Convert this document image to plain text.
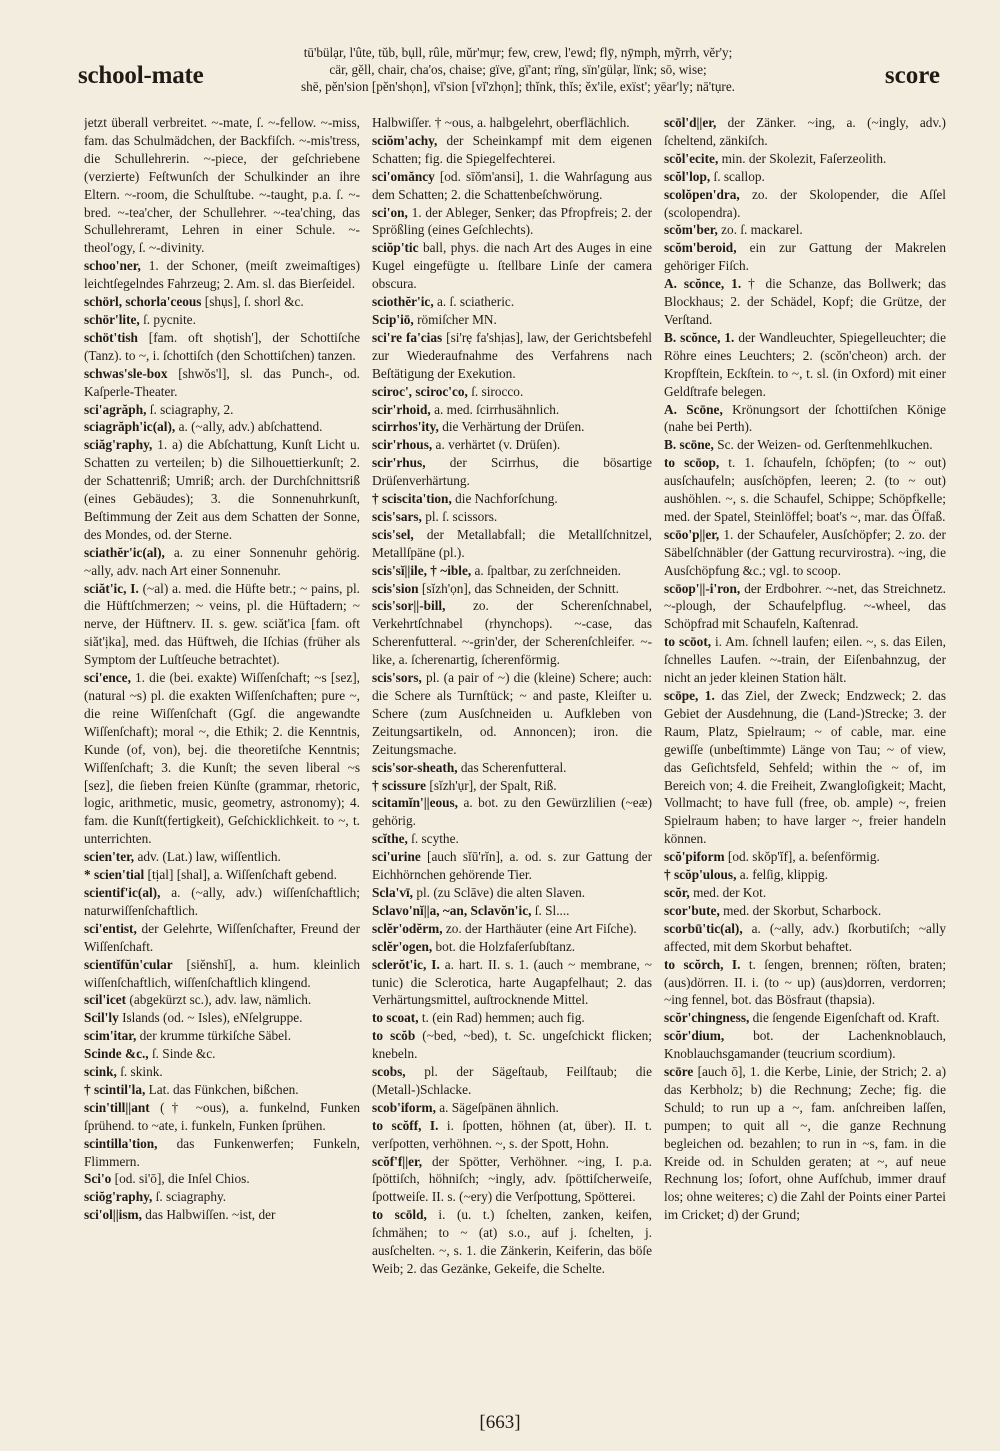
school-mate
tū'bülạr, l'ûte, tŭb, bụll, rûle, mŭr'mụr; few, crew, l'ewd; flȳ, nȳmph, mỹrrh, vĕr'y;
cär, gĕll, chair, cha'os, chaise; gïve, gï'ant; rïng, sïn'gülạr, lïnk; sō, wise;
shē, pĕn'sion [pĕn'shọn], vĭ'sion [vĭ'zhọn]; thĭnk, thĭs; ĕx'ile, exïst'; yēar'ly; nā'tụre.	score

jetzt überall verbreitet. ~-mate, ſ. ~-fellow. ~-miss, fam. das Schulmädchen, der Backfiſch. ~-mis'tress, die Schullehrerin. ~-piece, der geſchriebene (verzierte) Feſtwunſch der Schulkinder an ihre Eltern. ~-room, die Schulſtube. ~-taught, p.a. ſ. ~-bred. ~-tea'cher, der Schullehrer. ~-tea'ching, das Schullehreramt, Lehren in einer Schule. ~-theol'ogy, ſ. ~-divinity.

schoo'ner, 1. der Schoner, (meiſt zweimaſtiges) leichtſegelndes Fahrzeug; 2. Am. sl. das Bierſeidel.

schörl, schorla'ceous [shụs], ſ. shorl &c.

schör'lite, ſ. pycnite.

schöt'tish [fam. oft shọtish'], der Schottiſche (Tanz). to ~, i. ſchottiſch (den Schottiſchen) tanzen.

schwas'sle-box [shwŏs'l], sl. das Punch-, od. Kaſperle-Theater.

sci'agrăph, ſ. sciagraphy, 2.

sciagrăph'ic(al), a. (~ally, adv.) abſchattend.

sciăg'raphy, 1. a) die Abſchattung, Kunſt Licht u. Schatten zu verteilen; b) die Silhouettierkunſt; 2. der Schattenriß; Umriß; arch. der Durchſchnittsriß (eines Gebäudes); 3. die Sonnenuhrkunſt, Beſtimmung der Zeit aus dem Schatten der Sonne, des Mondes, od. der Sterne.

sciathĕr'ic(al), a. zu einer Sonnenuhr gehörig. ~ally, adv. nach Art einer Sonnenuhr.

sciăt'ic, I. (~al) a. med. die Hüfte betr.; ~ pains, pl. die Hüftſchmerzen; ~ veins, pl. die Hüftadern; ~ nerve, der Hüftnerv. II. s. gew. sciăt'ica [fam. oft siăt'ịka], med. das Hüftweh, die Iſchias (früher als Symptom der Luſtſeuche betrachtet).

sci'ence, 1. die (bei. exakte) Wiſſenſchaft; ~s [sez], (natural ~s) pl. die exakten Wiſſenſchaften; pure ~, die reine Wiſſenſchaft (Ggſ. die angewandte Wiſſenſchaft); moral ~, die Ethik; 2. die Kenntnis, Kunde (of, von), bej. die theoretiſche Kenntnis; Wiſſenſchaft; 3. die Kunſt; the seven liberal ~s [sez], die ſieben freien Künſte (grammar, rhetoric, logic, arithmetic, music, geometry, astronomy); 4. fam. die Kunſt(fertigkeit), Geſchicklichkeit. to ~, t. unterrichten.

scien'ter, adv. (Lat.) law, wiſſentlich.

* scien'tial [tịal] [shal], a. Wiſſenſchaft gebend.

scientif'ic(al), a. (~ally, adv.) wiſſenſchaftlich; naturwiſſenſchaftlich.

sci'entist, der Gelehrte, Wiſſenſchafter, Freund der Wiſſenſchaft.

scientĭfŭn'cular [siĕnshĭ], a. hum. kleinlich wiſſenſchaftlich, wiſſenſchaftlich klingend.

scil'icet (abgekürzt sc.), adv. law, nämlich.

Scil'ly Islands (od. ~ Isles), eNſelgruppe.

scim'itar, der krumme türkiſche Säbel.

Scinde &c., ſ. Sinde &c.

scink, ſ. skink.

† scintil'la, Lat. das Fünkchen, bißchen.

scin'till||ant († ~ous), a. funkelnd, Funken ſprühend. to ~ate, i. funkeln, Funken ſprühen.

scintilla'tion, das Funkenwerfen; Funkeln, Flimmern.

Sci'o [od. si'ō], die Inſel Chios.

sciŏg'raphy, ſ. sciagraphy.

sci'ol||ism, das Halbwiſſen. ~ist, der

Halbwiſſer. † ~ous, a. halbgelehrt, oberflächlich.

sciŏm'achy, der Scheinkampf mit dem eigenen Schatten; fig. die Spiegelfechterei.

sci'omăncy [od. sīŏm'ansi], 1. die Wahrſagung aus dem Schatten; 2. die Schattenbeſchwörung.

sci'on, 1. der Ableger, Senker; das Pfropfreis; 2. der Sprößling (eines Geſchlechts).

sciŏp'tic ball, phys. die nach Art des Auges in eine Kugel eingefügte u. ſtellbare Linſe der camera obscura.

sciothĕr'ic, a. ſ. sciatheric.

Scip'iō, römiſcher MN.

sci're fa'cias [si'rẹ fa'shịas], law, der Gerichtsbefehl zur Wiederaufnahme des Verfahrens nach Beſtätigung der Exekution.

sciroc', sciroc'co, ſ. sirocco.

scir'rhoid, a. med. ſcirrhusähnlich.

scirrhos'ity, die Verhärtung der Drüſen.

scir'rhous, a. verhärtet (v. Drüſen).

scir'rhus, der Scirrhus, die bösartige Drüſenverhärtung.

† sciscita'tion, die Nachforſchung.

scis'sars, pl. ſ. scissors.

scis'sel, der Metallabfall; die Metallſchnitzel, Metallſpäne (pl.).

scis'sĭ||ile, † ~ible, a. ſpaltbar, zu zerſchneiden.

scis'sion [sĭzh'ọn], das Schneiden, der Schnitt.

scis'sor||-bill, zo. der Scherenſchnabel, Verkehrtſchnabel (rhynchops). ~-case, das Scherenfutteral. ~-grin'der, der Scherenſchleifer. ~-like, a. ſcherenartig, ſcherenförmig.

scis'sors, pl. (a pair of ~) die (kleine) Schere; auch: die Schere als Turnſtück; ~ and paste, Kleiſter u. Schere (zum Ausſchneiden u. Aufkleben von Zeitungsartikeln, od. Annoncen); iron. die Zeitungsmache.

scis'sor-sheath, das Scherenfutteral.

† scissure [sĭzh'ụr], der Spalt, Riß.

scitamĭn'||eous, a. bot. zu den Gewürzlilien (~eæ) gehörig.

scĭthe, ſ. scythe.

sci'urine [auch sĭū'rĭn], a. od. s. zur Gattung der Eichhörnchen gehörende Tier.

Scla'vī, pl. (zu Sclāve) die alten Slaven.

Sclavo'nĭ||a, ~an, Sclavŏn'ic, ſ. Sl....

sclĕr'odĕrm, zo. der Harthäuter (eine Art Fiſche).

sclĕr'ogen, bot. die Holzfaſerſubſtanz.

sclerŏt'ic, I. a. hart. II. s. 1. (auch ~ membrane, ~ tunic) die Sclerotica, harte Augapfelhaut; 2. das Verhärtungsmittel, auſtrocknende Mittel.

to scoat, t. (ein Rad) hemmen; auch fig.

to scŏb (~bed, ~bed), t. Sc. ungeſchickt flicken; knebeln.

scobs, pl. der Sägeſtaub, Feilſtaub; die (Metall-)Schlacke.

scob'iform, a. Sägeſpänen ähnlich.

to scŏff, I. i. ſpotten, höhnen (at, über). II. t. verſpotten, verhöhnen. ~, s. der Spott, Hohn.

scŏf'f||er, der Spötter, Verhöhner. ~ing, I. p.a. ſpöttiſch, höhniſch; ~ingly, adv. ſpöttiſcherweiſe, ſpottweiſe. II. s. (~ery) die Verſpottung, Spötterei.

to scōld, i. (u. t.) ſchelten, zanken, keifen, ſchmähen; to ~ (at) s.o., auf j. ſchelten, j. ausſchelten. ~, s. 1. die Zänkerin, Keiferin, das böſe Weib; 2. das Gezänke, Gekeife, die Schelte.

scōl'd||er, der Zänker. ~ing, a. (~ingly, adv.) ſcheltend, zänkiſch.

scŏl'ecite, min. der Skolezit, Faſerzeolith.

scŏl'lop, ſ. scallop.

scolŏpen'dra, zo. der Skolopender, die Aſſel (scolopendra).

scŏm'ber, zo. ſ. mackarel.

scŏm'beroid, ein zur Gattung der Makrelen gehöriger Fiſch.

A. scŏnce, 1. † die Schanze, das Bollwerk; das Blockhaus; 2. der Schädel, Kopf; die Grütze, der Verſtand.

B. scŏnce, 1. der Wandleuchter, Spiegelleuchter; die Röhre eines Leuchters; 2. (scŏn'cheon) arch. der Kropfſtein, Eckſtein. to ~, t. sl. (in Oxford) mit einer Geldſtrafe belegen.

A. Scōne, Krönungsort der ſchottiſchen Könige (nahe bei Perth).

B. scōne, Sc. der Weizen- od. Gerſtenmehlkuchen.

to scōop, t. 1. ſchaufeln, ſchöpfen; (to ~ out) ausſchaufeln; ausſchöpfen, leeren; 2. (to ~ out) aushöhlen. ~, s. die Schaufel, Schippe; Schöpfkelle; med. der Spatel, Steinlöffel; boat's ~, mar. das Öſfaß.

scōo'p||er, 1. der Schaufeler, Ausſchöpfer; 2. zo. der Säbelſchnäbler (der Gattung recurvirostra). ~ing, die Ausſchöpfung &c.; vgl. to scoop.

scōop'||-i'ron, der Erdbohrer. ~-net, das Streichnetz. ~-plough, der Schaufelpflug. ~-wheel, das Schöpfrad mit Schaufeln, Kaſtenrad.

to scōot, i. Am. ſchnell laufen; eilen. ~, s. das Eilen, ſchnelles Laufen. ~-train, der Eiſenbahnzug, der nicht an jeder kleinen Station hält.

scōpe, 1. das Ziel, der Zweck; Endzweck; 2. das Gebiet der Ausdehnung, die (Land-)Strecke; 3. der Raum, Platz, Spielraum; ~ of cable, mar. eine gewiſſe (unbeſtimmte) Länge von Tau; ~ of view, das Geſichtsfeld, Sehfeld; within the ~ of, im Bereich von; 4. die Freiheit, Zwangloſigkeit; Macht, Vollmacht; to have full (free, ob. ample) ~, freien Spielraum haben; to have larger ~, freier handeln können.

scŏ'piform [od. skŏp'ĭf], a. beſenförmig.

† scŏp'ulous, a. felſig, klippig.

scŏr, med. der Kot.

scor'bute, med. der Skorbut, Scharbock.

scorbū'tic(al), a. (~ally, adv.) ſkorbutiſch; ~ally affected, mit dem Skorbut behaftet.

to scŏrch, I. t. ſengen, brennen; röſten, braten; (aus)dörren. II. i. (to ~ up) (aus)dorren, verdorren; ~ing fennel, bot. das Bösfraut (thapsia).

scŏr'chingness, die ſengende Eigenſchaft od. Kraft.

scŏr'dium, bot. der Lachenknoblauch, Knoblauchsgamander (teucrium scordium).

scōre [auch ō], 1. die Kerbe, Linie, der Strich; 2. a) das Kerbholz; b) die Rechnung; Zeche; fig. die Schuld; to run up a ~, fam. anſchreiben laſſen, pumpen; to quit all ~, die ganze Rechnung begleichen od. bezahlen; to run in ~s, fam. in die Kreide od. in Schulden geraten; at ~, auf neue Rechnung los; ſofort, ohne Aufſchub, immer drauf los; ohne weiteres; c) die Zahl der Points einer Partei im Cricket; d) der Grund;

[663]
